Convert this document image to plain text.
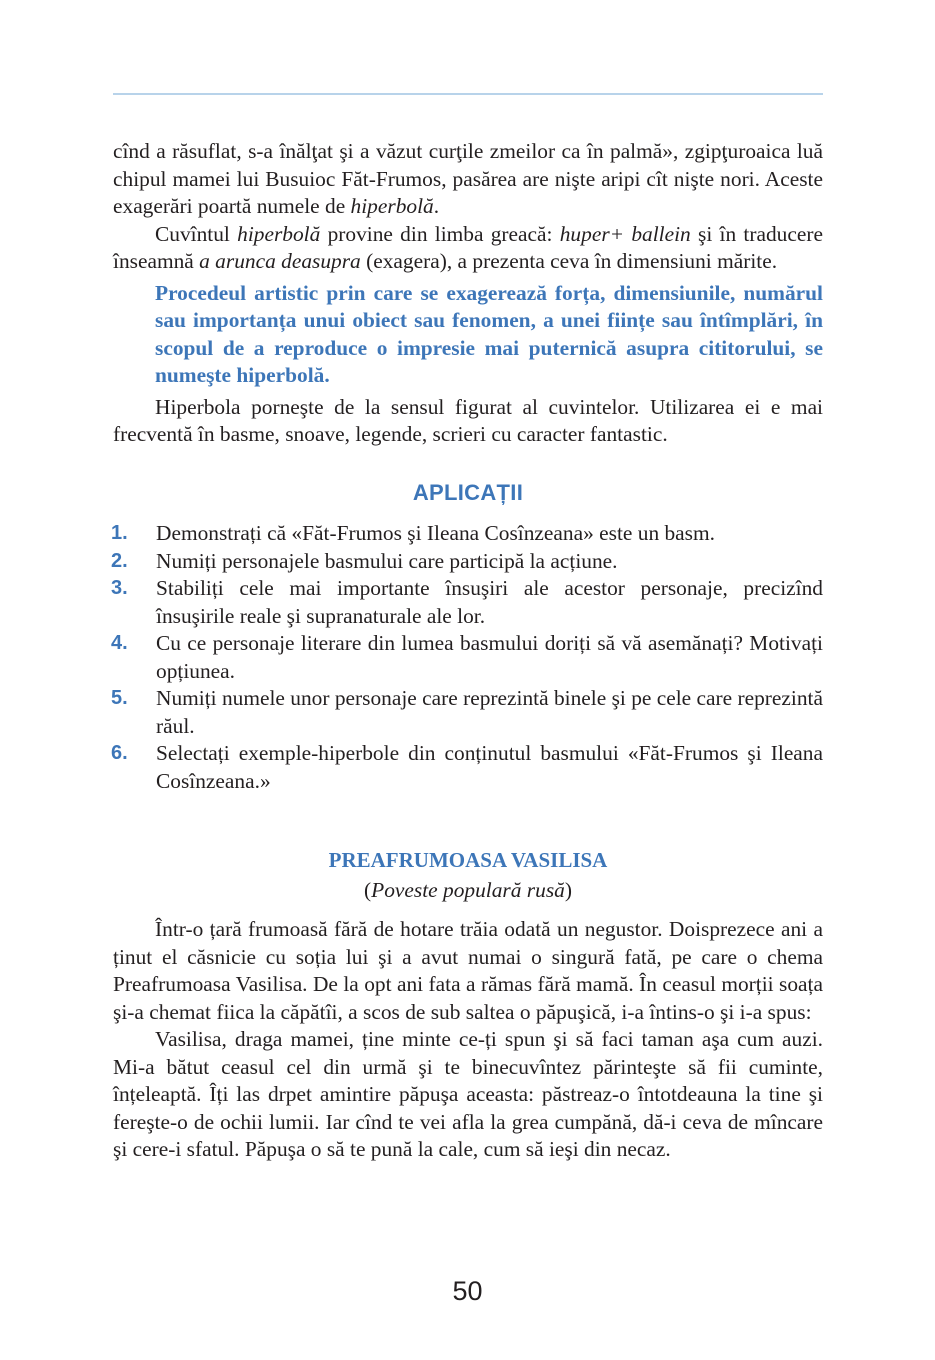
cînd a răsuflat, s-a înălţat şi a văzut curţile zmeilor ca în palmă», zgipţuroaica luă chipul mamei lui Busuioc Făt-Frumos, pasărea are nişte aripi cît nişte nori. Aceste exagerări poartă numele de hiperbolă.

Cuvîntul hiperbolă provine din limba greacă: huper+ ballein şi în traducere înseamnă a arunca deasupra (exagera), a prezenta ceva în dimensiuni mărite.

Procedeul artistic prin care se exagerează forța, dimensiunile, numărul sau importanța unui obiect sau fenomen, a unei ființe sau întîmplări, în scopul de a reproduce o impresie mai puternică asupra cititorului, se numeşte hiperbolă.

Hiperbola porneşte de la sensul figurat al cuvintelor. Utilizarea ei e mai frecventă în basme, snoave, legende, scrieri cu caracter fantastic.

APLICAȚII
1. Demonstrați că «Făt-Frumos şi Ileana Cosînzeana» este un basm.
2. Numiți personajele basmului care participă la acțiune.
3. Stabiliți cele mai importante însuşiri ale acestor personaje, precizînd însuşirile reale şi supranaturale ale lor.
4. Cu ce personaje literare din lumea basmului doriți să vă asemănați? Motivați opțiunea.
5. Numiți numele unor personaje care reprezintă binele şi pe cele care reprezintă răul.
6. Selectați exemple-hiperbole din conținutul basmului «Făt-Frumos şi Ileana Cosînzeana.»
PREAFRUMOASA VASILISA
(Poveste populară rusă)

Într-o țară frumoasă fără de hotare trăia odată un negustor. Doisprezece ani a ținut el căsnicie cu soția lui şi a avut numai o singură fată, pe care o chema Preafrumoasa Vasilisa. De la opt ani fata a rămas fără mamă. În ceasul morții soața şi-a chemat fiica la căpătîi, a scos de sub saltea o păpuşică, i-a întins-o şi i-a spus:

Vasilisa, draga mamei, ține minte ce-ți spun şi să faci taman aşa cum auzi. Mi-a bătut ceasul cel din urmă şi te binecuvîntez părinteşte să fii cuminte, înțeleaptă. Îți las drpet amintire păpuşa aceasta: păstreaz-o întotdeauna la tine şi fereşte-o de ochii lumii. Iar cînd te vei afla la grea cumpănă, dă-i ceva de mîncare şi cere-i sfatul. Păpuşa o să te pună la cale, cum să ieşi din necaz.

50
